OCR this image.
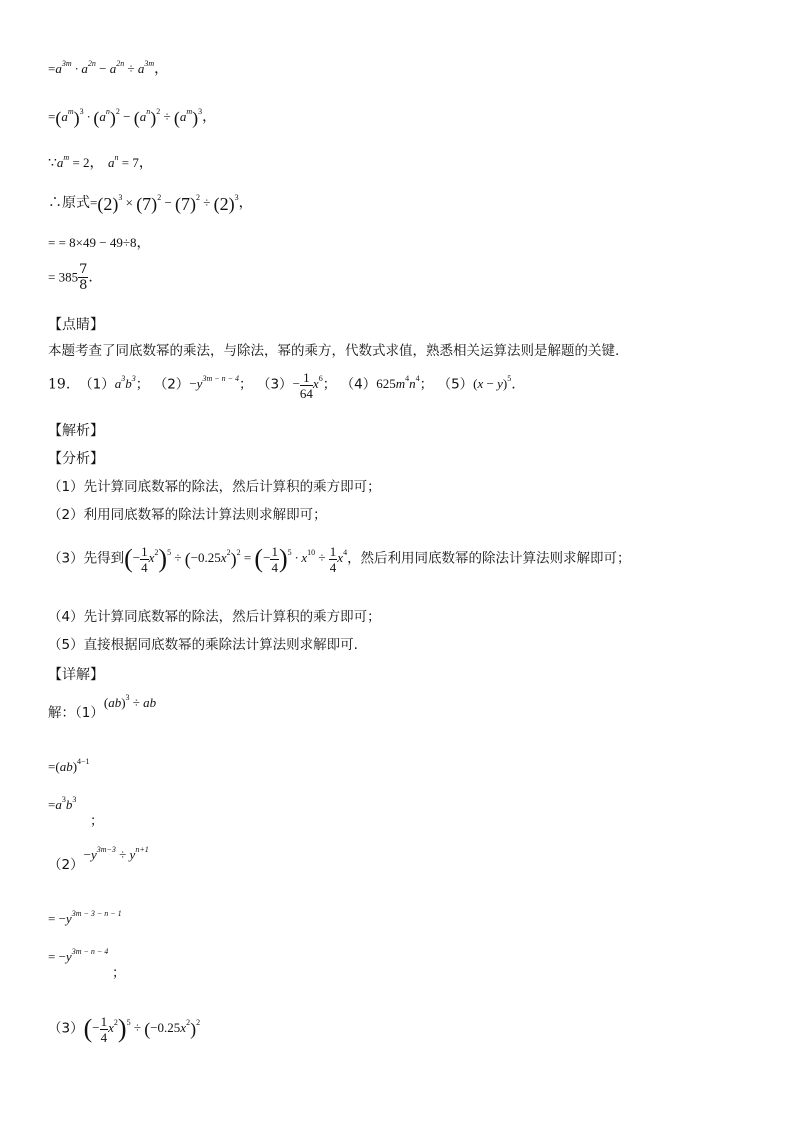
$=a^{3m} \cdot a^{2n} - a^{2n} \div a^{3m}$，
$=(a^m)^3 \cdot (a^n)^2 - (a^n)^2 \div (a^m)^3$，
$\because a^m = 2$， $a^n = 7$，
∴原式$=(2)^3 \times (7)^2 - (7)^2 \div (2)^3$，
= = 8×49 − 49÷8，
= $385 \frac{7}{8}$ .
【点睛】
本题考查了同底数幂的乘法，与除法，幂的乘方，代数式求值，熟悉相关运算法则是解题的关键.
19. $(1)a^3b^3$； $(2)-y^{3m - n - 4}$； $(3)- \frac{1}{64} x^6$； $(4)625m^4n^4$； $(5)(x - y)^5$.
【解析】
【分析】
（1）先计算同底数幂的除法，然后计算积的乘方即可；
（2）利用同底数幂的除法计算法则求解即可；
（3）先得到(− $\frac{1}{4} x^2)^5 \div (-0.25x^2)^2$ = (− $\frac{1}{4} )^5 \cdot x^{10} \div \frac{1}{4} x^4$，然后利用同底数幂的除法计算法则求解即可；
（4）先计算同底数幂的除法，然后计算积的乘方即可；
（5）直接根据同底数幂的乘除法计算法则求解即可.
【详解】
解：（1）(ab)$^3$ ÷ ab
=(ab)$^{4-1}$
$=a^3b^3$
；
$(2)-y^{3m-3} \div y^{n+1}$
= $-y^{3m - 3 - n - 1}$
= $-y^{3m - n - 4}$
；
$(3)(- \frac{1}{4} x^2)^5 \div (-0.25x^2)^2$
